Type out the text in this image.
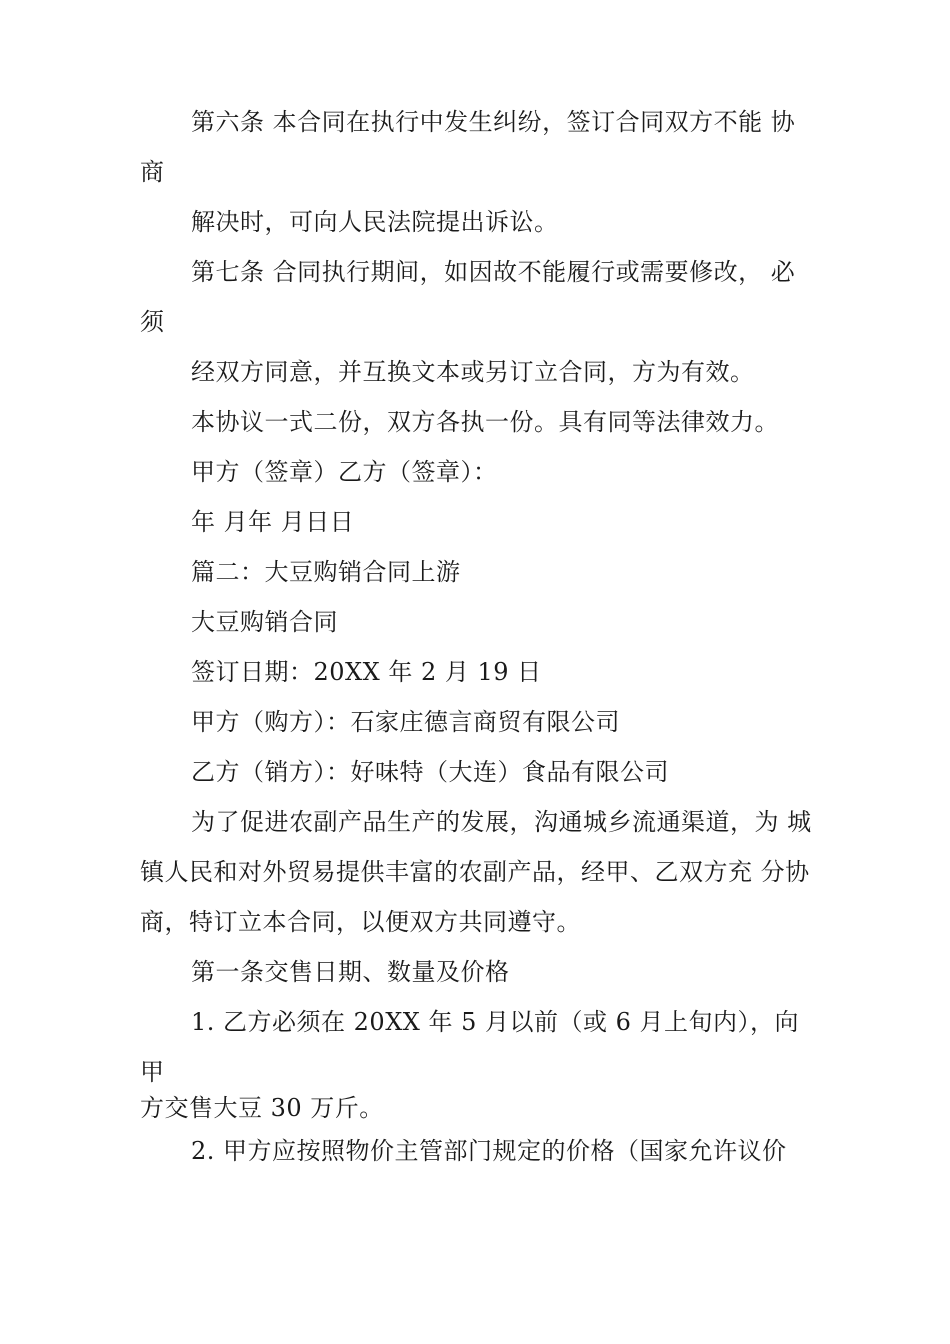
第六条 本合同在执行中发生纠纷，签订合同双方不能 协

商

解决时，可向人民法院提出诉讼。

第七条 合同执行期间，如因故不能履行或需要修改， 必

须

经双方同意，并互换文本或另订立合同，方为有效。

本协议一式二份，双方各执一份。具有同等法律效力。

甲方（签章）乙方（签章）：

年 月年 月日日

篇二：大豆购销合同上游

大豆购销合同

签订日期：20XX 年 2 月 19 日

甲方（购方）：石家庄德言商贸有限公司

乙方（销方）：好味特（大连）食品有限公司

为了促进农副产品生产的发展，沟通城乡流通渠道，为 城

镇人民和对外贸易提供丰富的农副产品，经甲、乙双方充 分协

商，特订立本合同，以便双方共同遵守。

第一条交售日期、数量及价格

1. 乙方必须在 20XX 年 5 月以前（或 6 月上旬内），向

甲

方交售大豆 30 万斤。

2. 甲方应按照物价主管部门规定的价格（国家允许议价
